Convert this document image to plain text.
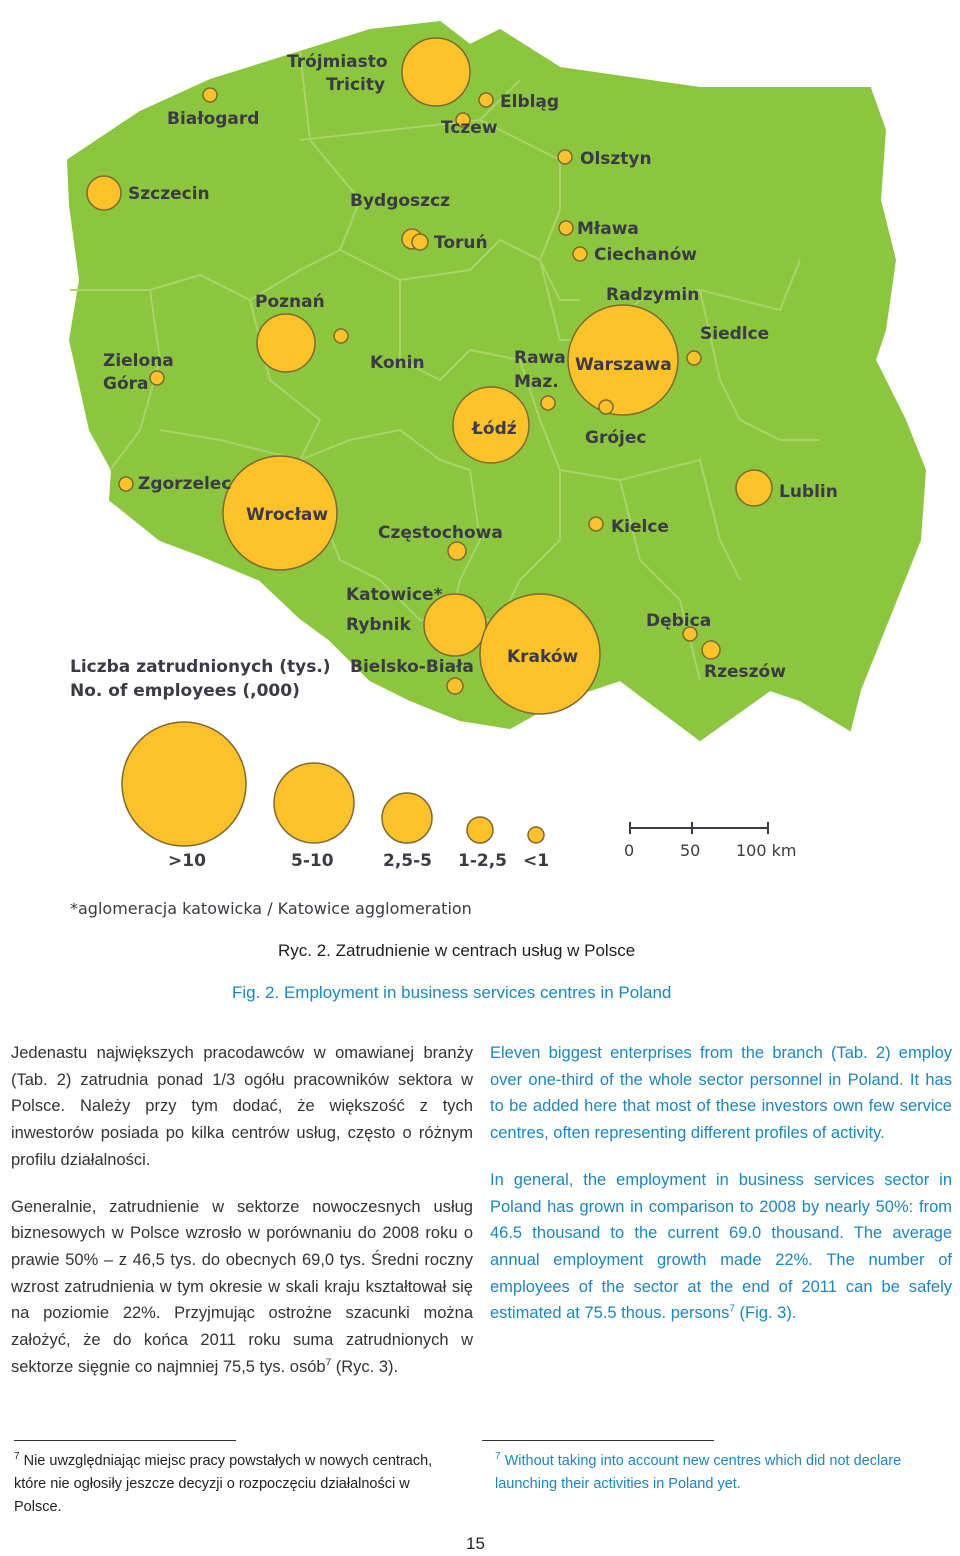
Trójmiasto
Tricity
Białogard
Elbląg
Tczew
Szczecin
Olsztyn
Bydgoszcz
Toruń
Mława
Ciechanów
Poznań	Radzymin
Siedlce
Zielona
Góra
Konin	Rawa
Maz.
Warszawa
Łódź	Grójec
Zgorzelec	Lublin
Wrocław
Częstochowa	Kielce
Katowice*
Dębica
Rybnik
Kraków
Bielsko-Biała	Rzeszów
Liczba zatrudnionych (tys.)
No. of employees (,000)
>10	5-10	2,5-5 1-2,5 <1
0	50 100 km
*aglomeracja katowicka / Katowice agglomeration
Ryc. 2. Zatrudnienie w centrach usług w Polsce
Fig. 2. Employment in business services centres in Poland

Jedenastu największych pracodawców w omawianej branży (Tab. 2) zatrudnia ponad 1/3 ogółu pracowników sektora w Polsce. Należy przy tym dodać, że większość z tych inwestorów posiada po kilka centrów usług, często o różnym profilu działalności.

Generalnie, zatrudnienie w sektorze nowoczesnych usług biznesowych w Polsce wzrosło w porównaniu do 2008 roku o prawie 50% – z 46,5 tys. do obecnych 69,0 tys. Średni roczny wzrost zatrudnienia w tym okresie w skali kraju kształtował się na poziomie 22%. Przyjmując ostrożne szacunki można założyć, że do końca 2011 roku suma zatrudnionych w sektorze sięgnie co najmniej 75,5 tys. osób$^7$ (Ryc. 3).

Eleven biggest enterprises from the branch (Tab. 2) employ over one-third of the whole sector personnel in Poland. It has to be added here that most of these investors own few service centres, often representing different profiles of activity.

In general, the employment in business services sector in Poland has grown in comparison to 2008 by nearly 50%: from 46.5 thousand to the current 69.0 thousand. The average annual employment growth made 22%. The number of employees of the sector at the end of 2011 can be safely estimated at 75.5 thous. persons$^7$ (Fig. 3).

$^7$ Nie uwzględniając miejsc pracy powstałych w nowych centrach, które nie ogłosiły jeszcze decyzji o rozpoczęciu działalności w Polsce.
$^7$ Without taking into account new centres which did not declare launching their activities in Poland yet.
15
